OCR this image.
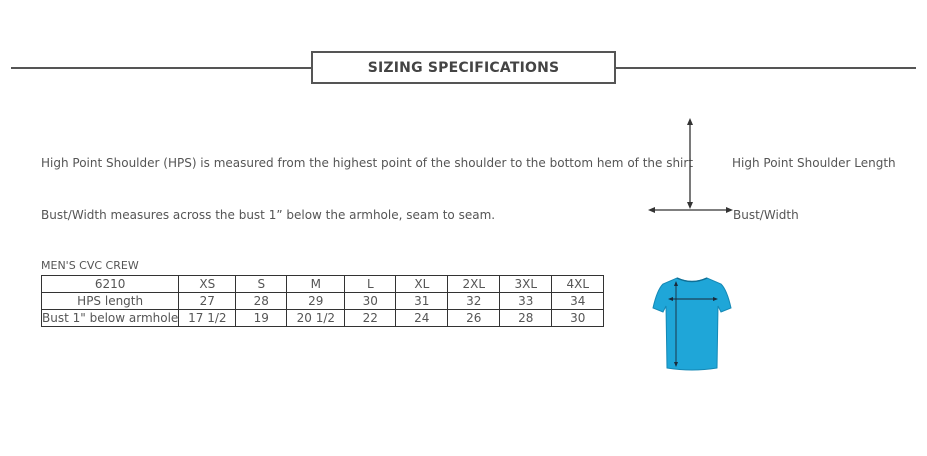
SIZING SPECIFICATIONS
High Point Shoulder (HPS) is measured from the highest point of the shoulder to the bottom hem of the shirt
Bust/Width measures across the bust 1” below the armhole, seam to seam.
High Point Shoulder Length
Bust/Width
MEN'S CVC CREW
6210	XS	S	M	L	XL	2XL	3XL	4XL
HPS length	27	28	29	30	31	32	33	34
Bust 1" below armhole	17 1/2	19	20 1/2	22	24	26	28	30
